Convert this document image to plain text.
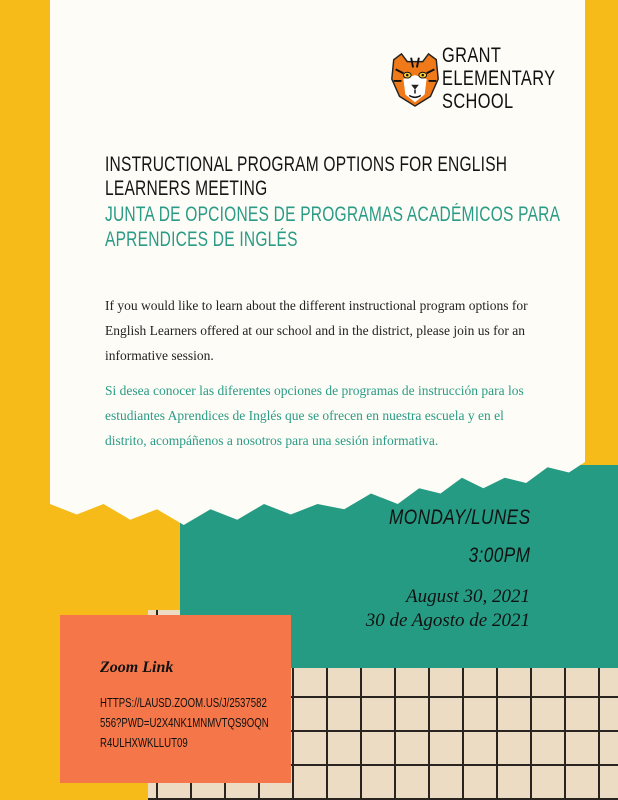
GRANT
ELEMENTARY
SCHOOL
INSTRUCTIONAL PROGRAM OPTIONS FOR ENGLISH
LEARNERS MEETING
JUNTA DE OPCIONES DE PROGRAMAS ACADÉMICOS PARA
APRENDICES DE INGLÉS
If you would like to learn about the different instructional program options for English Learners offered at our school and in the district, please join us for an informative session.
Si desea conocer las diferentes opciones de programas de instrucción para los estudiantes Aprendices de Inglés que se ofrecen en nuestra escuela y en el distrito, acompáñenos a nosotros para una sesión informativa.
MONDAY/LUNES
3:00PM
August 30, 2021
30 de Agosto de 2021
Zoom Link
HTTPS://LAUSD.ZOOM.US/J/2537582556?PWD=U2X4NK1MNMVTQS9OQNR4ULHXWKLLUT09
